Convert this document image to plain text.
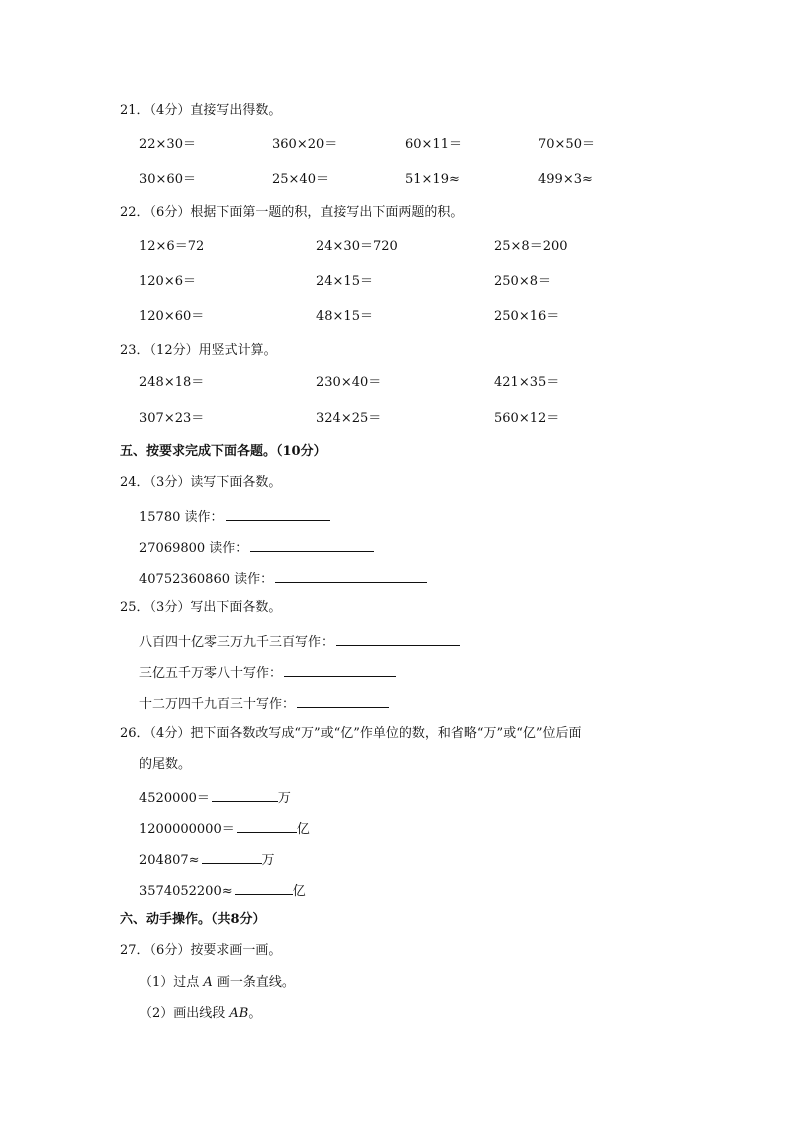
21．（4分）直接写出得数。
22×30＝	360×20＝	60×11＝	70×50＝
30×60＝	25×40＝	51×19≈	499×3≈
22．（6分）根据下面第一题的积，直接写出下面两题的积。
12×6＝72	24×30＝720	25×8＝200
120×6＝	24×15＝	250×8＝
120×60＝	48×15＝	250×16＝
23．（12分）用竖式计算。
248×18＝	230×40＝	421×35＝
307×23＝	324×25＝	560×12＝
五、按要求完成下面各题。（10分）
24．（3分）读写下面各数。
15780 读作：
27069800 读作：
40752360860 读作：
25．（3分）写出下面各数。
八百四十亿零三万九千三百写作：
三亿五千万零八十写作：
十二万四千九百三十写作：
26．（4分）把下面各数改写成“万”或“亿”作单位的数，和省略“万”或“亿”位后面
的尾数。
4520000＝	万
1200000000＝	亿
204807≈	万
3574052200≈	亿
六、动手操作。（共8分）
27．（6分）按要求画一画。
（1）过点 A 画一条直线。
（2）画出线段 AB。
